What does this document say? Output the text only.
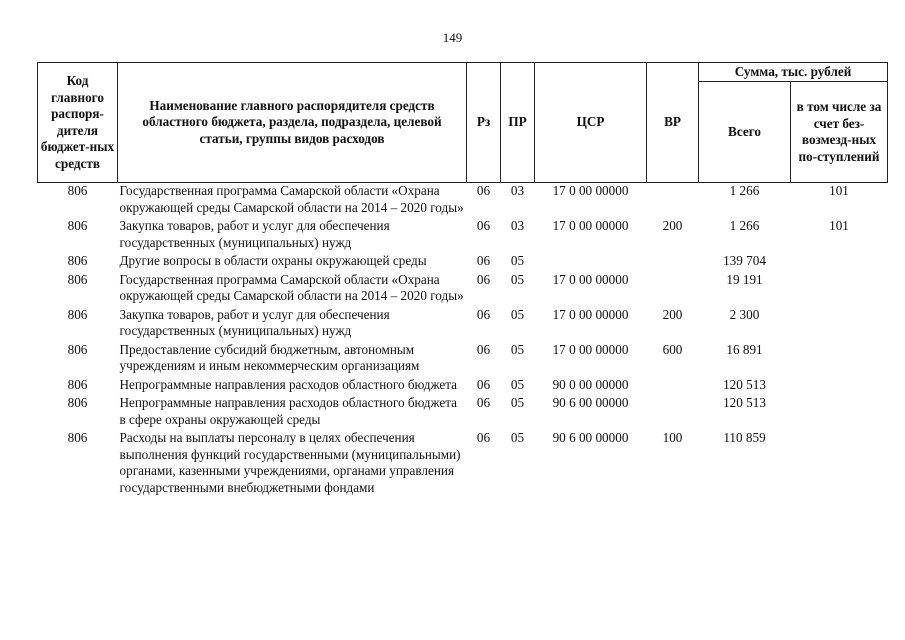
149
Код главного распоря-дителя бюджет-ных средств	Наименование главного распорядителя средств областного бюджета, раздела, подраздела, целевой статьи, группы видов расходов	Рз	ПР	ЦСР	ВР	Сумма, тыс. рублей	
						Всего	в том числе за счет без-возмезд-ных по-ступлений
806	Государственная программа Самарской области «Охрана окружающей среды Самарской области на 2014 – 2020 годы»	06	03	17 0 00 00000		1 266	101
806	Закупка товаров, работ и услуг для обеспечения государственных (муниципальных) нужд	06	03	17 0 00 00000	200	1 266	101
806	Другие вопросы в области охраны окружающей среды	06	05			139 704	
806	Государственная программа Самарской области «Охрана окружающей среды Самарской области на 2014 – 2020 годы»	06	05	17 0 00 00000		19 191	
806	Закупка товаров, работ и услуг для обеспечения государственных (муниципальных) нужд	06	05	17 0 00 00000	200	2 300	
806	Предоставление субсидий бюджетным, автономным учреждениям и иным некоммерческим организациям	06	05	17 0 00 00000	600	16 891	
806	Непрограммные направления расходов областного бюджета	06	05	90 0 00 00000		120 513	
806	Непрограммные направления расходов областного бюджета в сфере охраны окружающей среды	06	05	90 6 00 00000		120 513	
806	Расходы на выплаты персоналу в целях обеспечения выполнения функций государственными (муниципальными) органами, казенными учреждениями, органами управления государственными внебюджетными фондами	06	05	90 6 00 00000	100	110 859	
